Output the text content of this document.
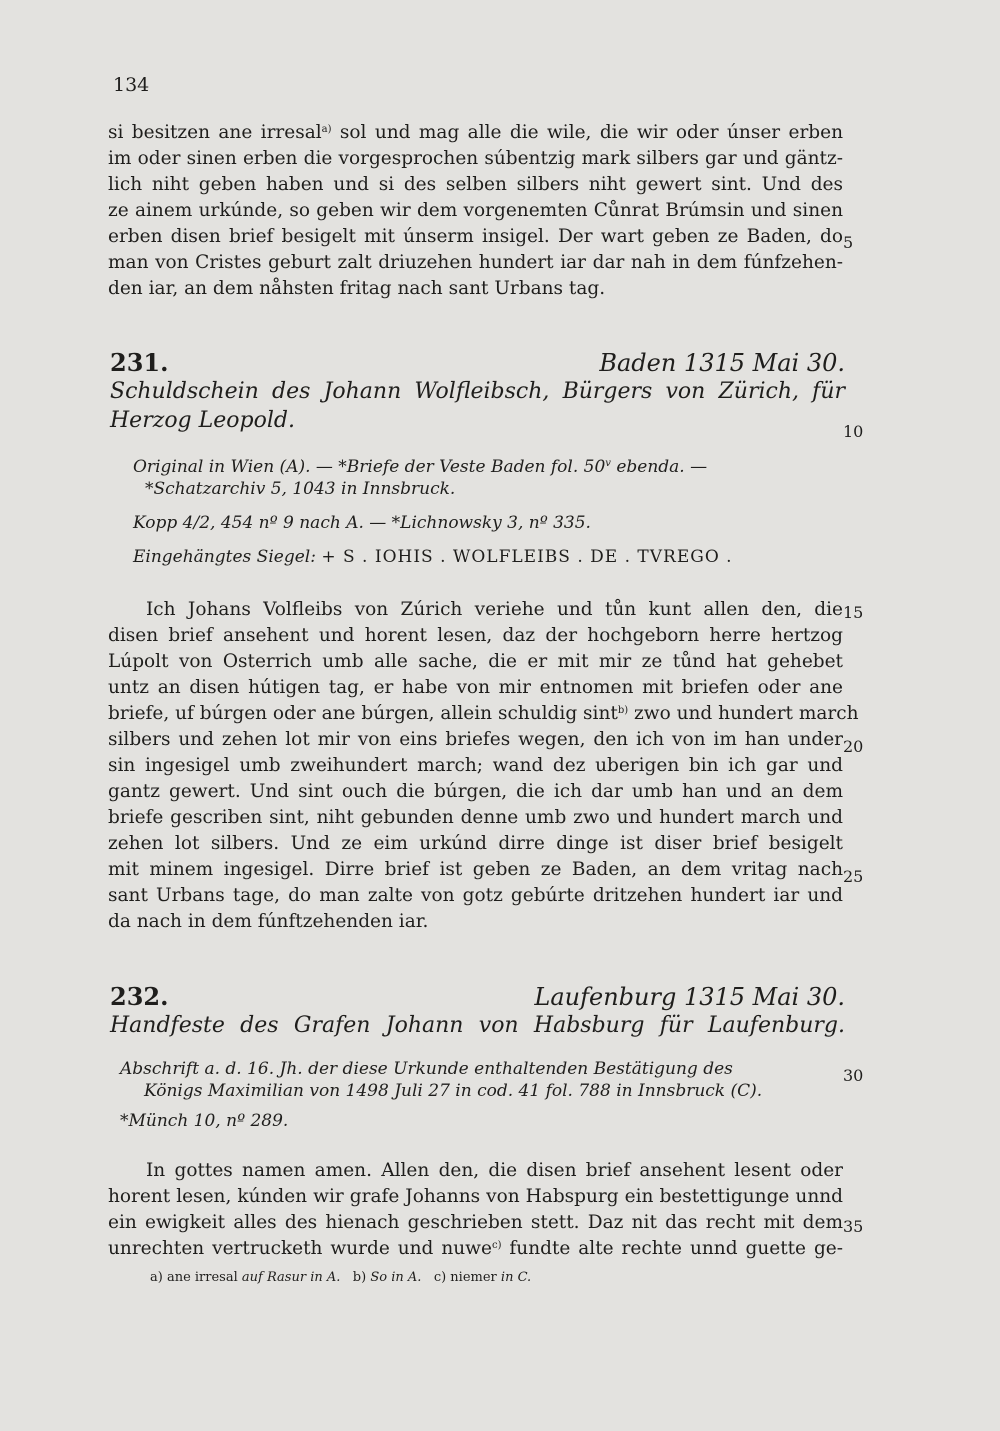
134
si besitzen ane irresal$^{a)}$ sol und mag alle die wile, die wir oder únser erben
im oder sinen erben die vorgesprochen súbentzig mark silbers gar und gäntz-
lich niht geben haben und si des selben silbers niht gewert sint. Und des
ze ainem urkúnde, so geben wir dem vorgenemten Cůnrat Brúmsin und sinen
erben disen brief besigelt mit únserm insigel. Der wart geben ze Baden, do
man von Cristes geburt zalt driuzehen hundert iar dar nah in dem fúnfzehen-
den iar, an dem nåhsten fritag nach sant Urbans tag.
231.	Baden 1315 Mai 30.
Schuldschein des Johann Wolfleibsch, Bürgers von Zürich, für
Herzog Leopold.
Original in Wien (A). — *Briefe der Veste Baden fol. 50$^v$ ebenda. —
*Schatzarchiv 5, 1043 in Innsbruck.
Kopp 4/2, 454 nº 9 nach A. — *Lichnowsky 3, nº 335.
Eingehängtes Siegel: + S . IOHIS . WOLFLEIBS . DE . TVREGO .
Ich Johans Volfleibs von Zúrich veriehe und tůn kunt allen den, die
disen brief ansehent und horent lesen, daz der hochgeborn herre hertzog
Lúpolt von Osterrich umb alle sache, die er mit mir ze tůnd hat gehebet
untz an disen hútigen tag, er habe von mir entnomen mit briefen oder ane
briefe, uf búrgen oder ane búrgen, allein schuldig sint$^{b)}$ zwo und hundert march
silbers und zehen lot mir von eins briefes wegen, den ich von im han under
sin ingesigel umb zweihundert march; wand dez uberigen bin ich gar und
gantz gewert. Und sint ouch die búrgen, die ich dar umb han und an dem
briefe gescriben sint, niht gebunden denne umb zwo und hundert march und
zehen lot silbers. Und ze eim urkúnd dirre dinge ist diser brief besigelt
mit minem ingesigel. Dirre brief ist geben ze Baden, an dem vritag nach
sant Urbans tage, do man zalte von gotz gebúrte dritzehen hundert iar und
da nach in dem fúnftzehenden iar.
232.	Laufenburg 1315 Mai 30.
Handfeste des Grafen Johann von Habsburg für Laufenburg.
Abschrift a. d. 16. Jh. der diese Urkunde enthaltenden Bestätigung des
Königs Maximilian von 1498 Juli 27 in cod. 41 fol. 788 in Innsbruck (C).
*Münch 10, nº 289.
In gottes namen amen. Allen den, die disen brief ansehent lesent oder
horent lesen, kúnden wir grafe Johanns von Habspurg ein bestettigunge unnd
ein ewigkeit alles des hienach geschrieben stett. Daz nit das recht mit dem
unrechten vertrucketh wurde und nuwe$^{c)}$ fundte alte rechte unnd guette ge-
a) ane irresal auf Rasur in A. b) So in A. c) niemer in C.
5
10
15
20
25
30
35
